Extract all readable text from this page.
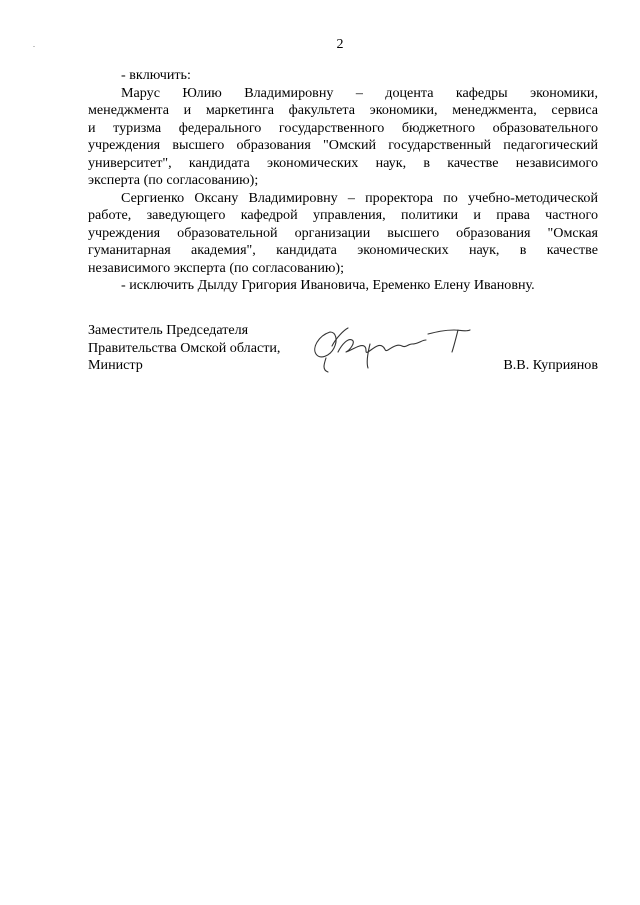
.	2
- включить:
Марус Юлию Владимировну – доцента кафедры экономики,
менеджмента и маркетинга факультета экономики, менеджмента, сервиса
и туризма федерального государственного бюджетного образовательного
учреждения высшего образования "Омский государственный педагогический
университет", кандидата экономических наук, в качестве независимого
эксперта (по согласованию);
Сергиенко Оксану Владимировну – проректора по учебно-методической
работе, заведующего кафедрой управления, политики и права частного
учреждения образовательной организации высшего образования "Омская
гуманитарная академия", кандидата экономических наук, в качестве
независимого эксперта (по согласованию);
- исключить Дылду Григория Ивановича, Еременко Елену Ивановну.
Заместитель Председателя
Правительства Омской области,
Министр	В.В. Куприянов
